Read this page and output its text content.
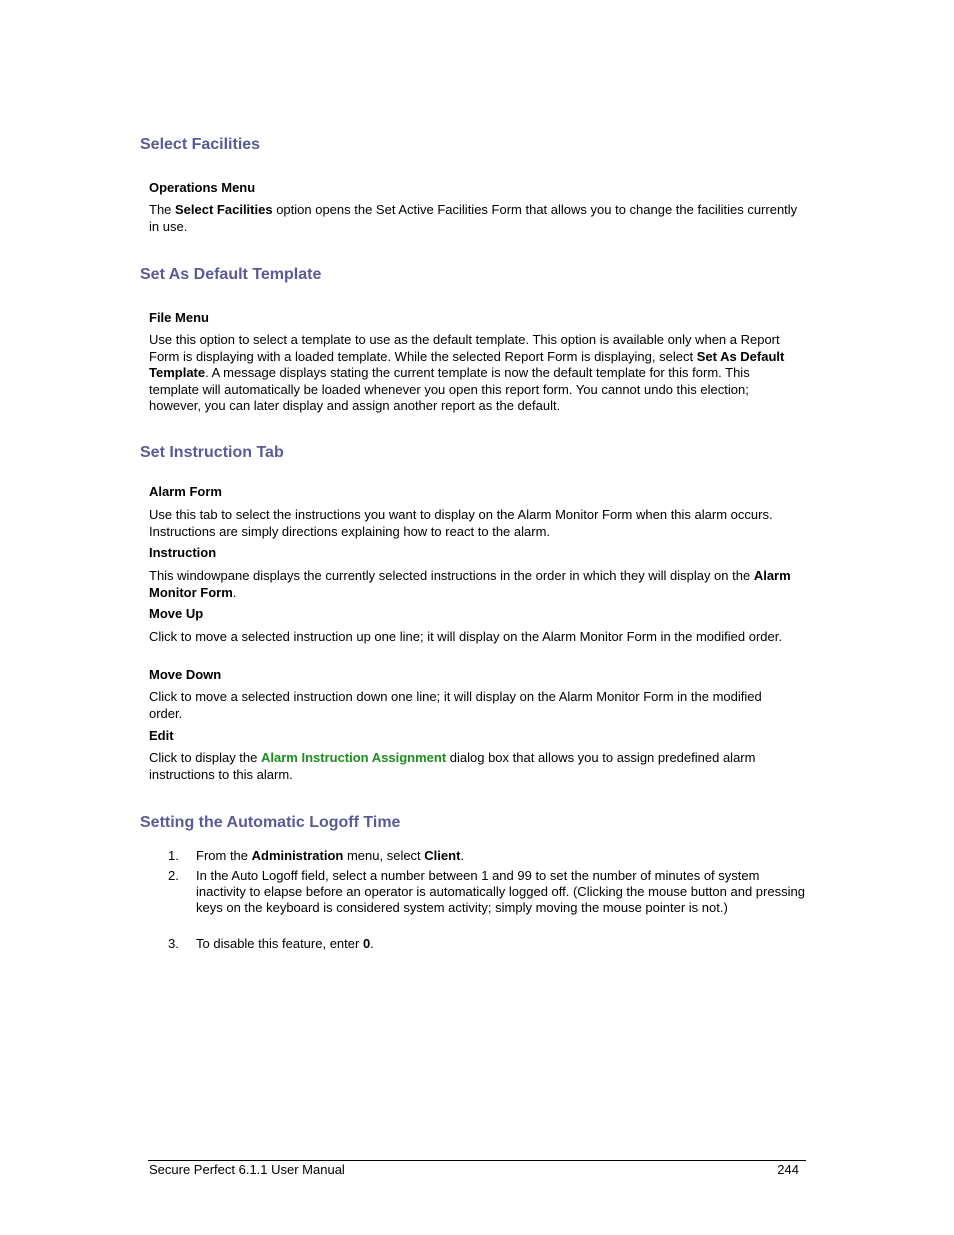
Select Facilities
Operations Menu

The Select Facilities option opens the Set Active Facilities Form that allows you to change the facilities currently in use.

Set As Default Template
File Menu

Use this option to select a template to use as the default template. This option is available only when a Report Form is displaying with a loaded template. While the selected Report Form is displaying, select Set As Default Template. A message displays stating the current template is now the default template for this form. This template will automatically be loaded whenever you open this report form. You cannot undo this election; however, you can later display and assign another report as the default.

Set Instruction Tab
Alarm Form

Use this tab to select the instructions you want to display on the Alarm Monitor Form when this alarm occurs. Instructions are simply directions explaining how to react to the alarm.

Instruction

This windowpane displays the currently selected instructions in the order in which they will display on the Alarm Monitor Form.

Move Up

Click to move a selected instruction up one line; it will display on the Alarm Monitor Form in the modified order.

Move Down

Click to move a selected instruction down one line; it will display on the Alarm Monitor Form in the modified order.

Edit

Click to display the Alarm Instruction Assignment dialog box that allows you to assign predefined alarm instructions to this alarm.

Setting the Automatic Logoff Time
1. From the Administration menu, select Client.
2. In the Auto Logoff field, select a number between 1 and 99 to set the number of minutes of system inactivity to elapse before an operator is automatically logged off. (Clicking the mouse button and pressing keys on the keyboard is considered system activity; simply moving the mouse pointer is not.)
3. To disable this feature, enter 0.
Secure Perfect 6.1.1 User Manual	244
